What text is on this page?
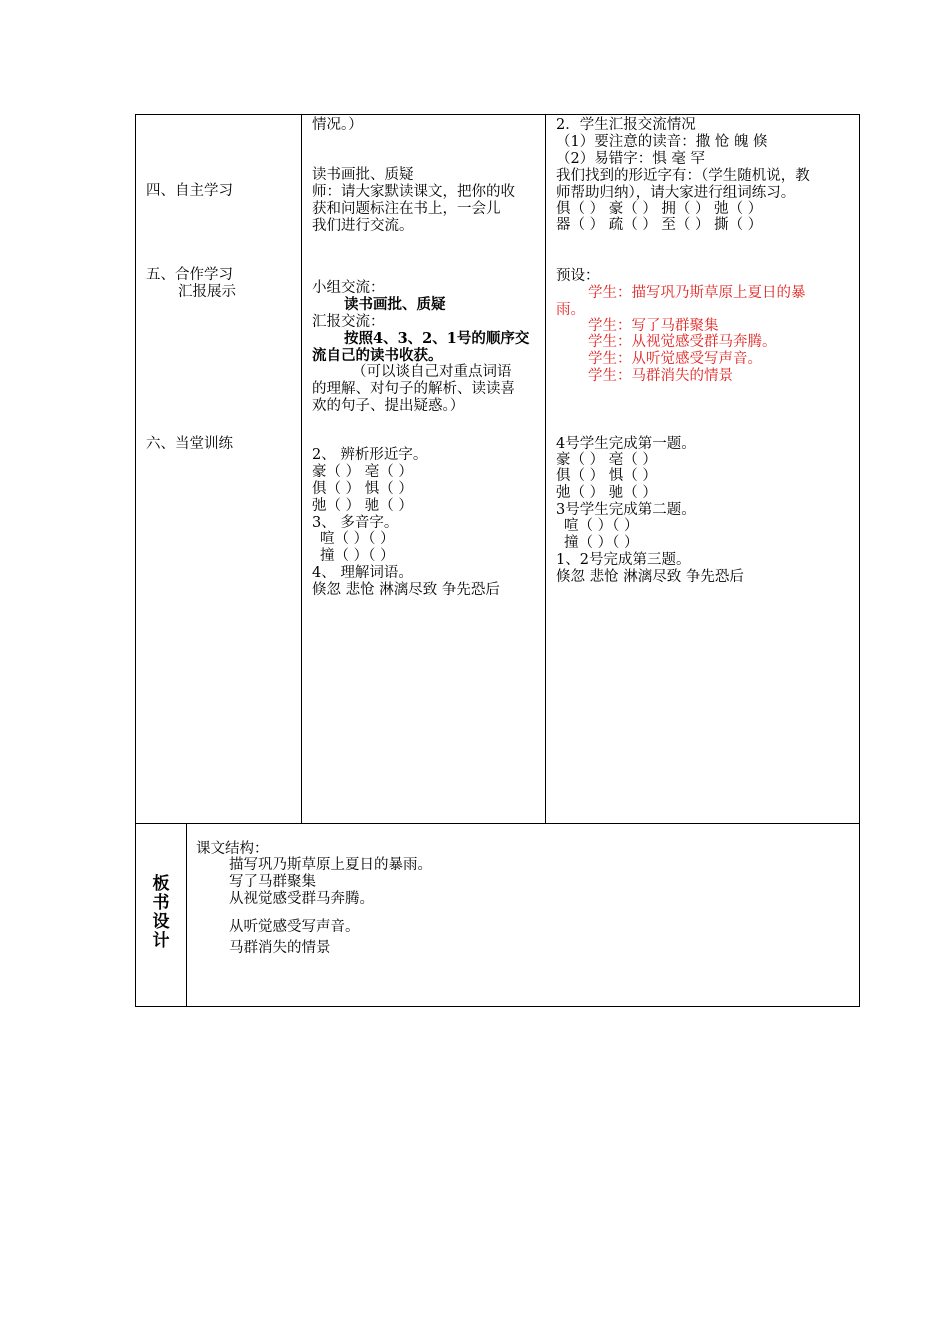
四、自主学习
五、合作学习
汇报展示
六、当堂训练
情况。）
读书画批、质疑
师：请大家默读课文，把你的收
获和问题标注在书上，一会儿
我们进行交流。
小组交流：
读书画批、质疑
汇报交流：
按照4、3、2、1号的顺序交
流自己的读书收获。
（可以谈自己对重点词语
的理解、对句子的解析、读读喜
欢的句子、提出疑惑。）
2、 辨析形近字。
豪（ ） 亳（ ）
俱（ ） 惧（ ）
弛（ ） 驰（ ）
3、 多音字。
喧（ ）（ ）
撞（ ）（ ）
4、 理解词语。
倏忽 悲怆 淋漓尽致 争先恐后
2．学生汇报交流情况
（1）要注意的读音：撒 怆 魄 倏
（2）易错字：惧 毫 罕
我们找到的形近字有：（学生随机说，教
师帮助归纳），请大家进行组词练习。
俱（ ） 豪（ ） 拥（ ） 弛（ ）
器（ ） 疏（ ） 至（ ） 撕（ ）
预设：
学生：描写巩乃斯草原上夏日的暴
雨。
学生：写了马群聚集
学生：从视觉感受群马奔腾。
学生：从听觉感受写声音。
学生：马群消失的情景
4号学生完成第一题。
豪（ ） 亳（ ）
俱（ ） 惧（ ）
弛（ ） 驰（ ）
3号学生完成第二题。
喧（ ）（ ）
撞（ ）（ ）
1、2号完成第三题。
倏忽 悲怆 淋漓尽致 争先恐后
板书设计
课文结构：
描写巩乃斯草原上夏日的暴雨。
写了马群聚集
从视觉感受群马奔腾。
从听觉感受写声音。
马群消失的情景
